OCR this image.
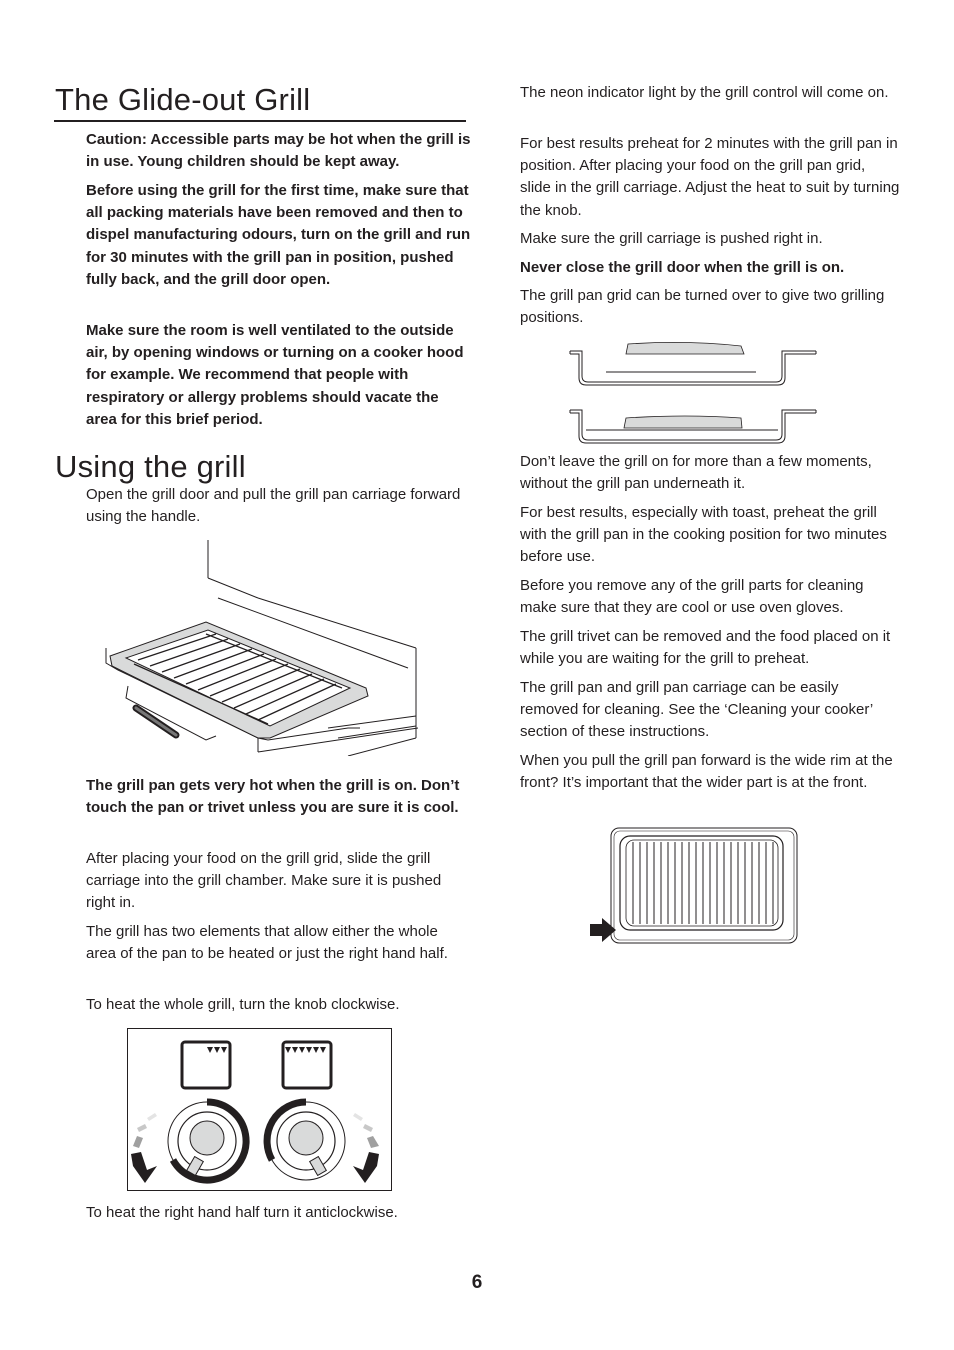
The Glide-out Grill

Caution: Accessible parts may be hot when the grill is in use. Young children should be kept away.

Before using the grill for the first time, make sure that all packing materials have been removed and then to dispel manufacturing odours, turn on the grill and run for 30 minutes with the grill pan in position, pushed fully back, and the grill door open.

Make sure the room is well ventilated to the outside air, by opening windows or turning on a cooker hood for example. We recommend that people with respiratory or allergy problems should vacate the area for this brief period.

Using the grill

Open the grill door and pull the grill pan carriage forward using the handle.

The grill pan gets very hot when the grill is on. Don’t touch the pan or trivet unless you are sure it is cool.

After placing your food on the grill grid, slide the grill carriage into the grill chamber. Make sure it is pushed right in.

The grill has two elements that allow either the whole area of the pan to be heated or just the right hand half.

To heat the whole grill, turn the knob clockwise.

To heat the right hand half turn it anticlockwise.

The neon indicator light by the grill control will come on.

For best results preheat for 2 minutes with the grill pan in position. After placing your food on the grill pan grid, slide in the grill carriage. Adjust the heat to suit by turning the knob.

Make sure the grill carriage is pushed right in.

Never close the grill door when the grill is on.

The grill pan grid can be turned over to give two grilling positions.

Don’t leave the grill on for more than a few moments, without the grill pan underneath it.

For best results, especially with toast, preheat the grill with the grill pan in the cooking position for two minutes before use.

Before you remove any of the grill parts for cleaning make sure that they are cool or use oven gloves.

The grill trivet can be removed and the food placed on it while you are waiting for the grill to preheat.

The grill pan and grill pan carriage can be easily removed for cleaning. See the ‘Cleaning your cooker’ section of these instructions.

When you pull the grill pan forward is the wide rim at the front? It’s important that the wider part is at the front.

6
